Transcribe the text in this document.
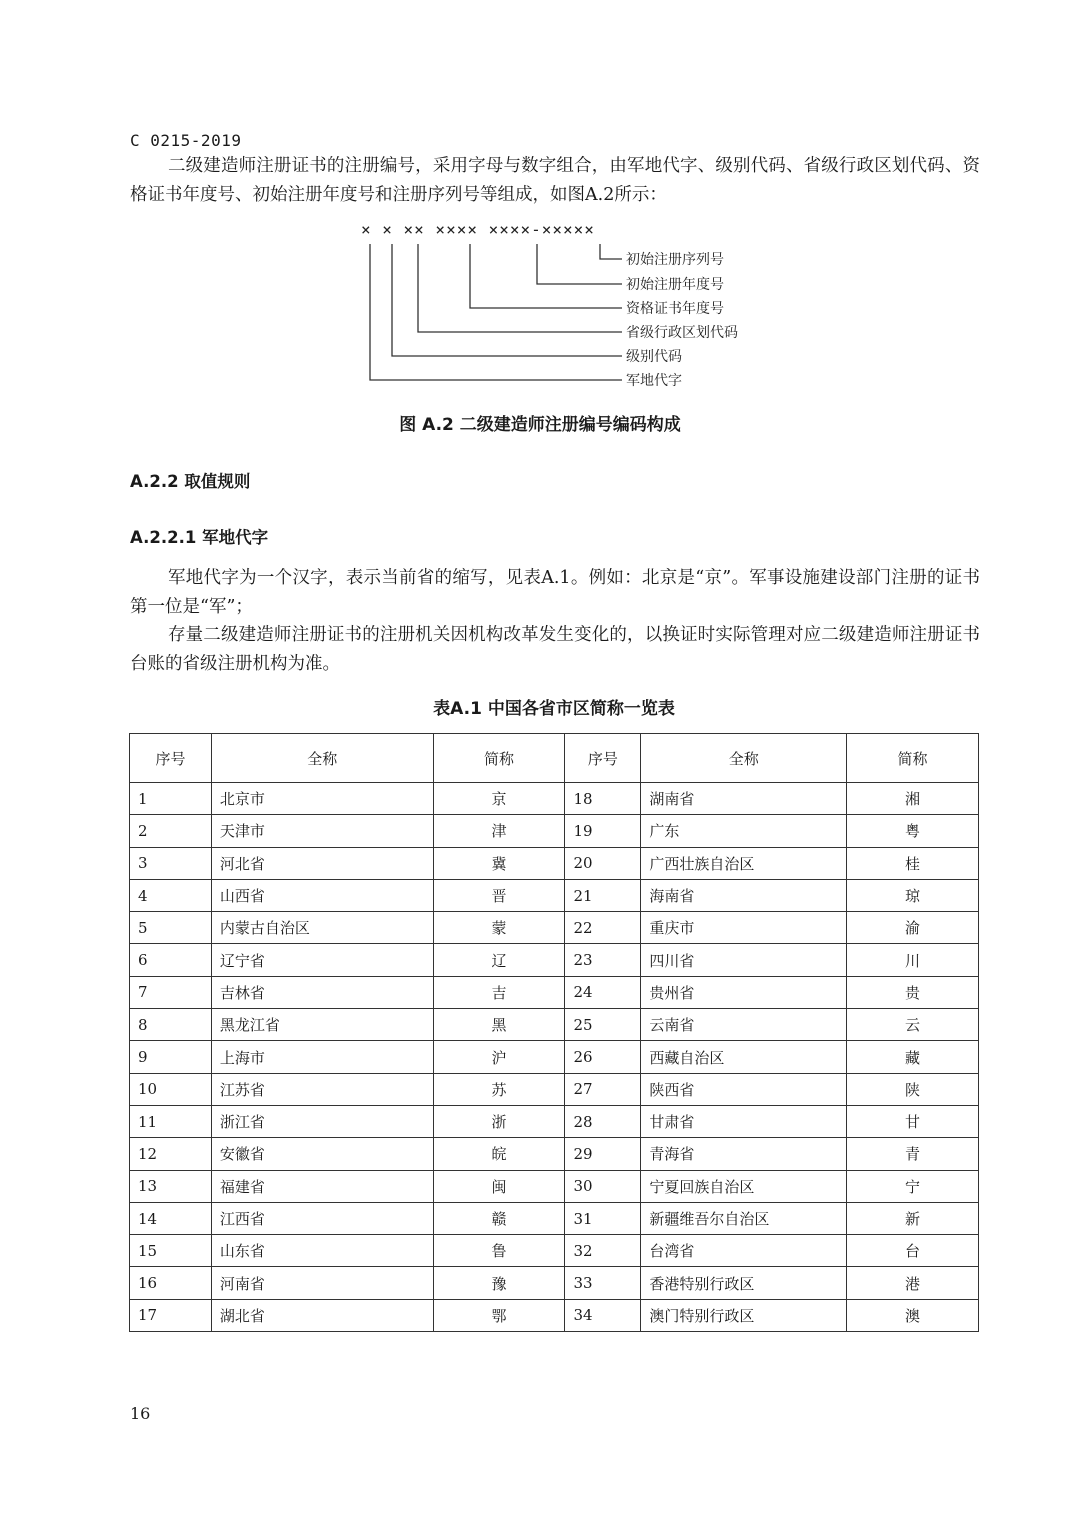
C 0215-2019

二级建造师注册证书的注册编号，采用字母与数字组合，由军地代字、级别代码、省级行政区划代码、资格证书年度号、初始注册年度号和注册序列号等组成，如图A.2所示：

× × ×× ×××× ××××-×××××
初始注册序列号
初始注册年度号
资格证书年度号
省级行政区划代码
级别代码
军地代字
图 A.2 二级建造师注册编号编码构成
A.2.2 取值规则
A.2.2.1 军地代字

军地代字为一个汉字，表示当前省的缩写，见表A.1。例如：北京是“京”。军事设施建设部门注册的证书第一位是“军”；

存量二级建造师注册证书的注册机关因机构改革发生变化的，以换证时实际管理对应二级建造师注册证书台账的省级注册机构为准。

表A.1 中国各省市区简称一览表
序号	全称	简称	序号	全称	简称
1	北京市	京	18	湖南省	湘
2	天津市	津	19	广东	粤
3	河北省	冀	20	广西壮族自治区	桂
4	山西省	晋	21	海南省	琼
5	内蒙古自治区	蒙	22	重庆市	渝
6	辽宁省	辽	23	四川省	川
7	吉林省	吉	24	贵州省	贵
8	黑龙江省	黑	25	云南省	云
9	上海市	沪	26	西藏自治区	藏
10	江苏省	苏	27	陕西省	陕
11	浙江省	浙	28	甘肃省	甘
12	安徽省	皖	29	青海省	青
13	福建省	闽	30	宁夏回族自治区	宁
14	江西省	赣	31	新疆维吾尔自治区	新
15	山东省	鲁	32	台湾省	台
16	河南省	豫	33	香港特别行政区	港
17	湖北省	鄂	34	澳门特别行政区	澳
16
